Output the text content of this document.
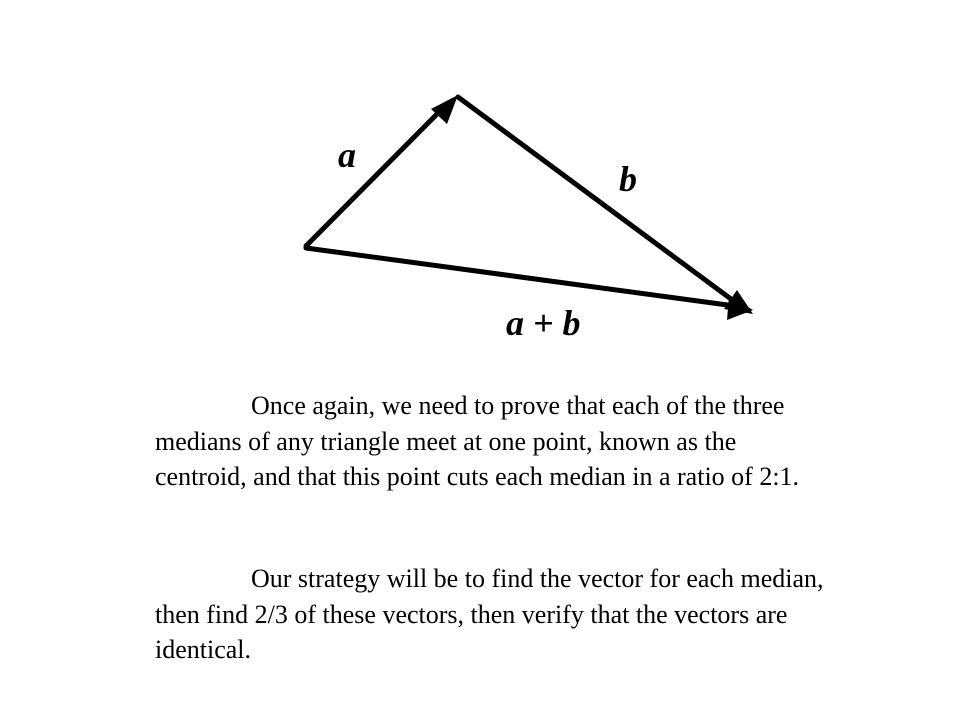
a
b
a + b

Once again, we need to prove that each of the three medians of any triangle meet at one point, known as the centroid, and that this point cuts each median in a ratio of 2:1.

Our strategy will be to find the vector for each median, then find 2/3 of these vectors, then verify that the vectors are identical.
